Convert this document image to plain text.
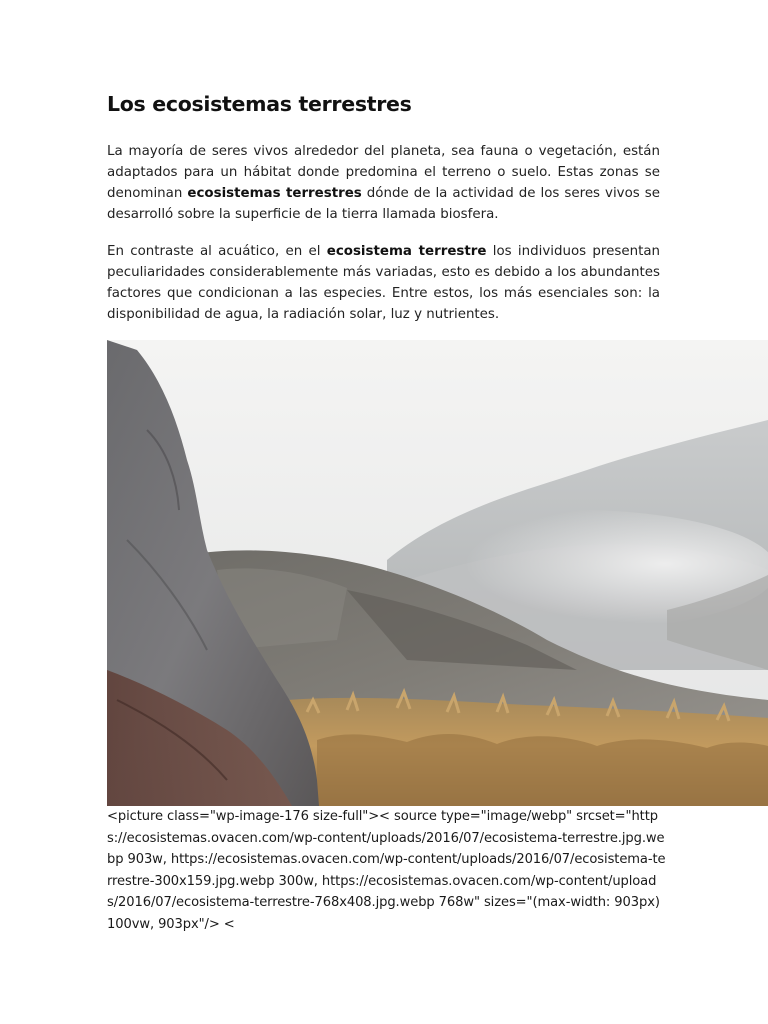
Los ecosistemas terrestres

La mayoría de seres vivos alrededor del planeta, sea fauna o vegetación, están adaptados para un hábitat donde predomina el terreno o suelo. Estas zonas se denominan ecosistemas terrestres dónde de la actividad de los seres vivos se desarrolló sobre la superficie de la tierra llamada biosfera.

En contraste al acuático, en el ecosistema terrestre los individuos presentan peculiaridades considerablemente más variadas, esto es debido a los abundantes factores que condicionan a las especies. Entre estos, los más esenciales son: la disponibilidad de agua, la radiación solar, luz y nutrientes.

<picture class="wp-image-176 size-full">< source type="image/webp" srcset="https://ecosistemas.ovacen.com/wp-content/uploads/2016/07/ecosistema-terrestre.jpg.webp 903w, https://ecosistemas.ovacen.com/wp-content/uploads/2016/07/ecosistema-terrestre-300x159.jpg.webp 300w, https://ecosistemas.ovacen.com/wp-content/uploads/2016/07/ecosistema-terrestre-768x408.jpg.webp 768w" sizes="(max-width: 903px) 100vw, 903px"/> <
